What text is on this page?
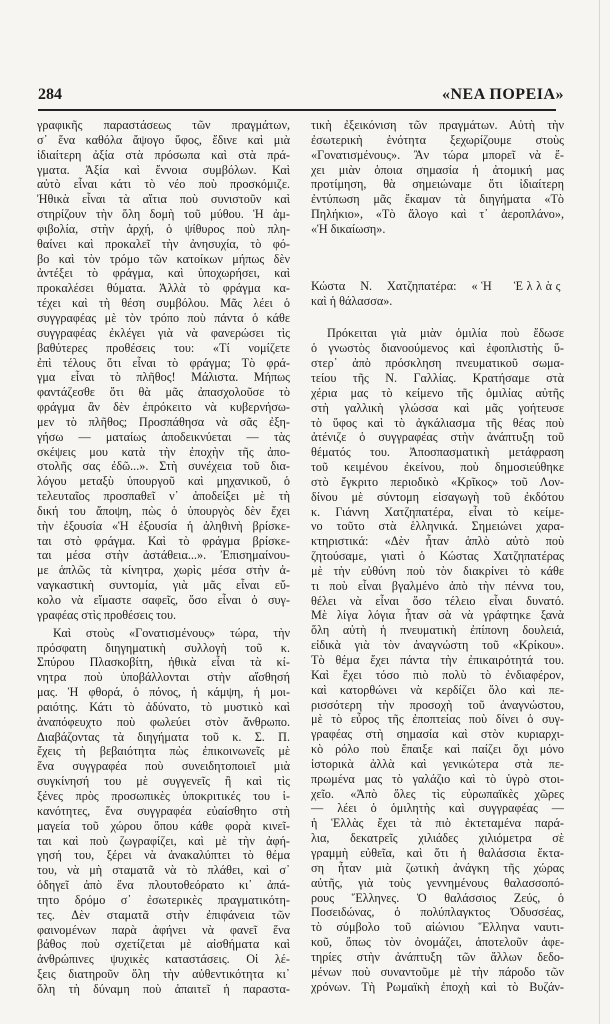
284	«ΝΕΑ ΠΟΡΕΙΑ»
γραφικῆς παραστάσεως τῶν πραγμάτων,
σ᾿ ἕνα καθόλα ἄψογο ὕφος, ἔδινε καὶ μιὰ
ἰδιαίτερη ἀξία στὰ πρόσωπα καὶ στὰ πρά-
γματα. Ἀξία καὶ ἔννοια συμβόλων. Καὶ
αὐτὸ εἶναι κάτι τὸ νέο ποὺ προσκόμιζε.
Ἠθικὰ εἶναι τὰ αἴτια ποὺ συνιστοῦν καὶ
στηρίζουν τὴν ὅλη δομὴ τοῦ μύθου. Ἡ ἀμ-
φιβολία, στὴν ἀρχή, ὁ ψίθυρος ποὺ πλη-
θαίνει καὶ προκαλεῖ τὴν ἀνησυχία, τὸ φό-
βο καὶ τὸν τρόμο τῶν κατοίκων μήπως δὲν
ἀντέξει τὸ φράγμα, καὶ ὑποχωρήσει, καὶ
προκαλέσει θύματα. Ἀλλὰ τὸ φράγμα κα-
τέχει καὶ τὴ θέση συμβόλου. Μᾶς λέει ὁ
συγγραφέας μὲ τὸν τρόπο ποὺ πάντα ὁ κάθε
συγγραφέας ἐκλέγει γιὰ νὰ φανερώσει τὶς
βαθύτερες προθέσεις του: «Τί νομίζετε
ἐπὶ τέλους ὅτι εἶναι τὸ φράγμα; Τὸ φρά-
γμα εἶναι τὸ πλῆθος! Μάλιστα. Μήπως
φαντάζεσθε ὅτι θὰ μᾶς ἀπασχολοῦσε τὸ
φράγμα ἂν δὲν ἐπρόκειτο νὰ κυβερνήσω-
μεν τὸ πλῆθος; Προσπάθησα νὰ σᾶς ἐξη-
γήσω — ματαίως ἀποδεικνύεται — τὰς
σκέψεις μου κατὰ τὴν ἐποχὴν τῆς ἀπο-
στολῆς σας ἐδῶ...». Στὴ συνέχεια τοῦ δια-
λόγου μεταξὺ ὑπουργοῦ καὶ μηχανικοῦ, ὁ
τελευταῖος προσπαθεῖ ν᾿ ἀποδείξει μὲ τὴ
δική του ἄποψη, πὼς ὁ ὑπουργὸς δὲν ἔχει
τὴν ἐξουσία «Ἡ ἐξουσία ἡ ἀληθινὴ βρίσκε-
ται στὸ φράγμα. Καὶ τὸ φράγμα βρίσκε-
ται μέσα στὴν ἀστάθεια...». Ἐπισημαίνου-
με ἁπλῶς τὰ κίνητρα, χωρὶς μέσα στὴν ἀ-
ναγκαστικὴ συντομία, γιὰ μᾶς εἶναι εὔ-
κολο νὰ εἴμαστε σαφεῖς, ὅσο εἶναι ὁ συγ-
γραφέας στὶς προθέσεις του.
Καὶ στοὺς «Γονατισμένους» τώρα, τὴν
πρόσφατη διηγηματικὴ συλλογὴ τοῦ κ.
Σπύρου Πλασκοβίτη, ἠθικὰ εἶναι τὰ κί-
νητρα ποὺ ὑποβάλλονται στὴν αἴσθησή
μας. Ἡ φθορά, ὁ πόνος, ἡ κάμψη, ἡ μοι-
ραιότης. Κάτι τὸ ἀδύνατο, τὸ μυστικὸ καὶ
ἀναπόφευχτο ποὺ φωλεύει στὸν ἄνθρωπο.
Διαβάζοντας τὰ διηγήματα τοῦ κ. Σ. Π.
ἔχεις τὴ βεβαιότητα πὼς ἐπικοινωνεῖς μὲ
ἕνα συγγραφέα ποὺ συνειδητοποιεῖ μιὰ
συγκίνησή του μὲ συγγενεῖς ἢ καὶ τὶς
ξένες πρὸς προσωπικὲς ὑποκριτικές του ἱ-
κανότητες, ἕνα συγγραφέα εὐαίσθητο στὴ
μαγεία τοῦ χώρου ὅπου κάθε φορὰ κινεῖ-
ται καὶ ποὺ ζωγραφίζει, καὶ μὲ τὴν ἀφή-
γησή του, ξέρει νὰ ἀνακαλύπτει τὸ θέμα
του, νὰ μὴ σταματᾶ νὰ τὸ πλάθει, καὶ σ᾿
ὁδηγεῖ ἀπὸ ἕνα πλουτοθεόρατο κι᾿ ἀπά-
τητο δρόμο σ᾿ ἐσωτερικὲς πραγματικότη-
τες. Δὲν σταματᾶ στὴν ἐπιφάνεια τῶν
φαινομένων παρὰ ἀφήνει νὰ φανεῖ ἕνα
βάθος ποὺ σχετίζεται μὲ αἰσθήματα καὶ
ἀνθρώπινες ψυχικὲς καταστάσεις. Οἱ λέ-
ξεις διατηροῦν ὅλη τὴν αὐθεντικότητα κι᾿
ὅλη τὴ δύναμη ποὺ ἀπαιτεῖ ἡ παραστα-
τικὴ ἐξεικόνιση τῶν πραγμάτων. Αὐτὴ τὴν
ἐσωτερικὴ ἑνότητα ξεχωρίζουμε στοὺς
«Γονατισμένους». Ἂν τώρα μπορεῖ νὰ ἔ-
χει μιὰν ὁποια σημασία ἡ ἀτομική μας
προτίμηση, θὰ σημειώναμε ὅτι ἰδιαίτερη
ἐντύπωση μᾶς ἔκαμαν τὰ διηγήματα «Τὸ
Πηλήκιο», «Τὸ ἄλογο καὶ τ᾿ ἀεροπλάνο»,
«Ἡ δικαίωση».
Κώστα Ν. Χατζηπατέρα: «Ἡ Ἑλλὰς
καὶ ἡ θάλασσα».
Πρόκειται γιὰ μιὰν ὁμιλία ποὺ ἔδωσε
ὁ γνωστὸς διανοούμενος καὶ ἐφοπλιστὴς ὕ-
στερ᾿ ἀπὸ πρόσκληση πνευματικοῦ σωμα-
τείου τῆς Ν. Γαλλίας. Κρατήσαμε στὰ
χέρια μας τὸ κείμενο τῆς ὁμιλίας αὐτῆς
στὴ γαλλικὴ γλώσσα καὶ μᾶς γοήτευσε
τὸ ὕφος καὶ τὸ ἀγκάλιασμα τῆς θέας ποὺ
ἀτένιζε ὁ συγγραφέας στὴν ἀνάπτυξη τοῦ
θέματός του. Ἀποσπασματικὴ μετάφραση
τοῦ κειμένου ἐκείνου, ποὺ δημοσιεύθηκε
στὸ ἔγκριτο περιοδικὸ «Κρῖκος» τοῦ Λον-
δίνου μὲ σύντομη εἰσαγωγὴ τοῦ ἐκδότου
κ. Γιάννη Χατζηπατέρα, εἶναι τὸ κείμε-
νο τοῦτο στὰ ἑλληνικά. Σημειώνει χαρα-
κτηριστικά: «Δὲν ἦταν ἁπλὸ αὐτὸ ποὺ
ζητούσαμε, γιατὶ ὁ Κώστας Χατζηπατέρας
μὲ τὴν εὐθύνη ποὺ τὸν διακρίνει τὸ κάθε
τι ποὺ εἶναι βγαλμένο ἀπὸ τὴν πέννα του,
θέλει νὰ εἶναι ὅσο τέλειο εἶναι δυνατό.
Μὲ λίγα λόγια ἦταν σὰ νὰ γράφτηκε ξανὰ
ὅλη αὐτὴ ἡ πνευματικὴ ἐπίπονη δουλειά,
εἰδικὰ γιὰ τὸν ἀναγνώστη τοῦ «Κρίκου».
Τὸ θέμα ἔχει πάντα τὴν ἐπικαιρότητά του.
Καὶ ἔχει τόσο πιὸ πολὺ τὸ ἐνδιαφέρον,
καὶ κατορθώνει νὰ κερδίζει ὅλο καὶ πε-
ρισσότερη τὴν προσοχὴ τοῦ ἀναγνώστου,
μὲ τὸ εὖρος τῆς ἐποπτείας ποὺ δίνει ὁ συγ-
γραφέας στὴ σημασία καὶ στὸν κυριαρχι-
κὸ ρόλο ποὺ ἔπαιξε καὶ παίζει ὄχι μόνο
ἱστορικὰ ἀλλὰ καὶ γενικώτερα στὰ πε-
πρωμένα μας τὸ γαλάζιο καὶ τὸ ὑγρὸ στοι-
χεῖο. «Ἀπὸ ὅλες τὶς εὐρωπαϊκὲς χῶρες
— λέει ὁ ὁμιλητὴς καὶ συγγραφέας —
ἡ Ἑλλὰς ἔχει τὰ πιὸ ἐκτεταμένα παρά-
λια, δεκατρεῖς χιλιάδες χιλιόμετρα σὲ
γραμμὴ εὐθεῖα, καὶ ὅτι ἡ θαλάσσια ἔκτα-
ση ἦταν μιὰ ζωτικὴ ἀνάγκη τῆς χώρας
αὐτῆς, γιὰ τοὺς γεννημένους θαλασσοπό-
ρους Ἕλληνες. Ὁ θαλάσσιος Ζεύς, ὁ
Ποσειδώνας, ὁ πολύπλαγκτος Ὀδυσσέας,
τὸ σύμβολο τοῦ αἰώνιου Ἕλληνα ναυτι-
κοῦ, ὅπως τὸν ὀνομάζει, ἀποτελοῦν ἀφε-
τηρίες στὴν ἀνάπτυξη τῶν ἄλλων δεδο-
μένων ποὺ συναντοῦμε μὲ τὴν πάροδο τῶν
χρόνων. Τὴ Ρωμαϊκὴ ἐποχὴ καὶ τὸ Βυζάν-
